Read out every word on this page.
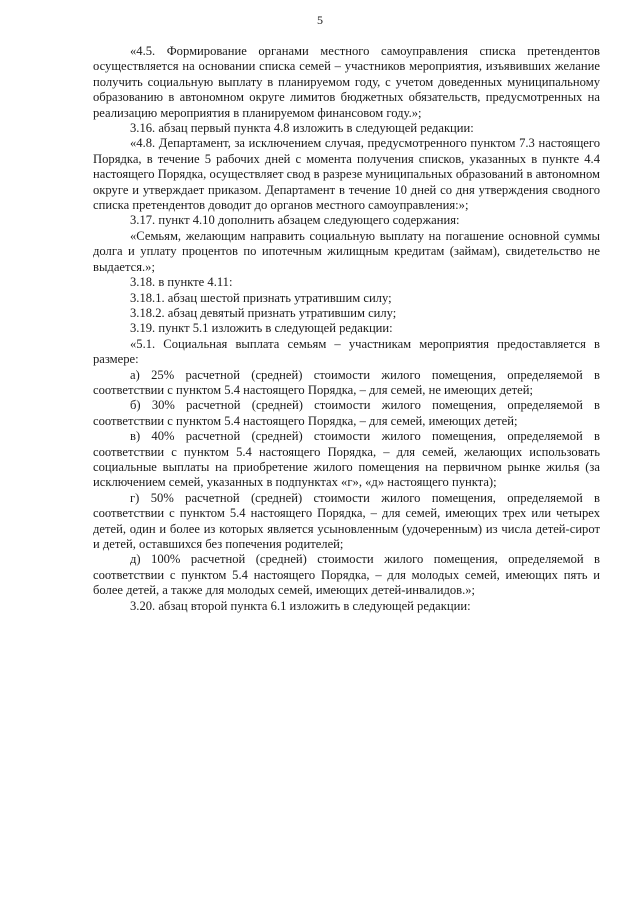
5

«4.5. Формирование органами местного самоуправления списка претендентов осуществляется на основании списка семей – участников мероприятия, изъявивших желание получить социальную выплату в планируемом году, с учетом доведенных муниципальному образованию в автономном округе лимитов бюджетных обязательств, предусмотренных на реализацию мероприятия в планируемом финансовом году.»;

3.16. абзац первый пункта 4.8 изложить в следующей редакции:

«4.8. Департамент, за исключением случая, предусмотренного пунктом 7.3 настоящего Порядка, в течение 5 рабочих дней с момента получения списков, указанных в пункте 4.4 настоящего Порядка, осуществляет свод в разрезе муниципальных образований в автономном округе и утверждает приказом. Департамент в течение 10 дней со дня утверждения сводного списка претендентов доводит до органов местного самоуправления:»;

3.17. пункт 4.10 дополнить абзацем следующего содержания:

«Семьям, желающим направить социальную выплату на погашение основной суммы долга и уплату процентов по ипотечным жилищным кредитам (займам), свидетельство не выдается.»;

3.18. в пункте 4.11:

3.18.1. абзац шестой признать утратившим силу;

3.18.2. абзац девятый признать утратившим силу;

3.19. пункт 5.1 изложить в следующей редакции:

«5.1. Социальная выплата семьям – участникам мероприятия предоставляется в размере:

а) 25% расчетной (средней) стоимости жилого помещения, определяемой в соответствии с пунктом 5.4 настоящего Порядка, – для семей, не имеющих детей;

б) 30% расчетной (средней) стоимости жилого помещения, определяемой в соответствии с пунктом 5.4 настоящего Порядка, – для семей, имеющих детей;

в) 40% расчетной (средней) стоимости жилого помещения, определяемой в соответствии с пунктом 5.4 настоящего Порядка, – для семей, желающих использовать социальные выплаты на приобретение жилого помещения на первичном рынке жилья (за исключением семей, указанных в подпунктах «г», «д» настоящего пункта);

г) 50% расчетной (средней) стоимости жилого помещения, определяемой в соответствии с пунктом 5.4 настоящего Порядка, – для семей, имеющих трех или четырех детей, один и более из которых является усыновленным (удочеренным) из числа детей-сирот и детей, оставшихся без попечения родителей;

д) 100% расчетной (средней) стоимости жилого помещения, определяемой в соответствии с пунктом 5.4 настоящего Порядка, – для молодых семей, имеющих пять и более детей, а также для молодых семей, имеющих детей-инвалидов.»;

3.20. абзац второй пункта 6.1 изложить в следующей редакции:
